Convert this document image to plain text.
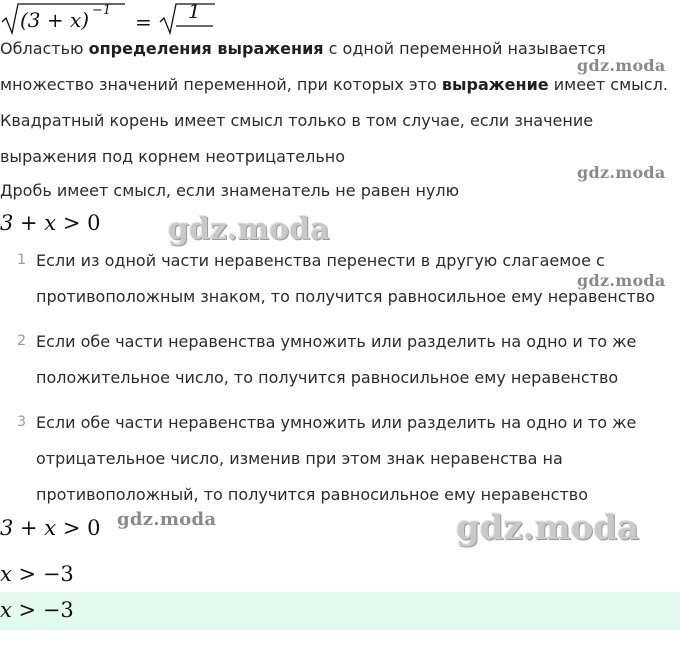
(3 + x) −1 = 1
Областью определения выражения с одной переменной называется
множество значений переменной, при которых это выражение имеет смысл.
Квадратный корень имеет смысл только в том случае, если значение
выражения под корнем неотрицательно
Дробь имеет смысл, если знаменатель не равен нулю
3 + x > 0
1 Если из одной части неравенства перенести в другую слагаемое с
противоположным знаком, то получится равносильное ему неравенство
2 Если обе части неравенства умножить или разделить на одно и то же
положительное число, то получится равносильное ему неравенство
3 Если обе части неравенства умножить или разделить на одно и то же
отрицательное число, изменив при этом знак неравенства на
противоположный, то получится равносильное ему неравенство
3 + x > 0
x > −3
x > −3
gdz.moda
gdz.moda
gdz.moda
gdz.moda
gdz.moda	gdz.moda
